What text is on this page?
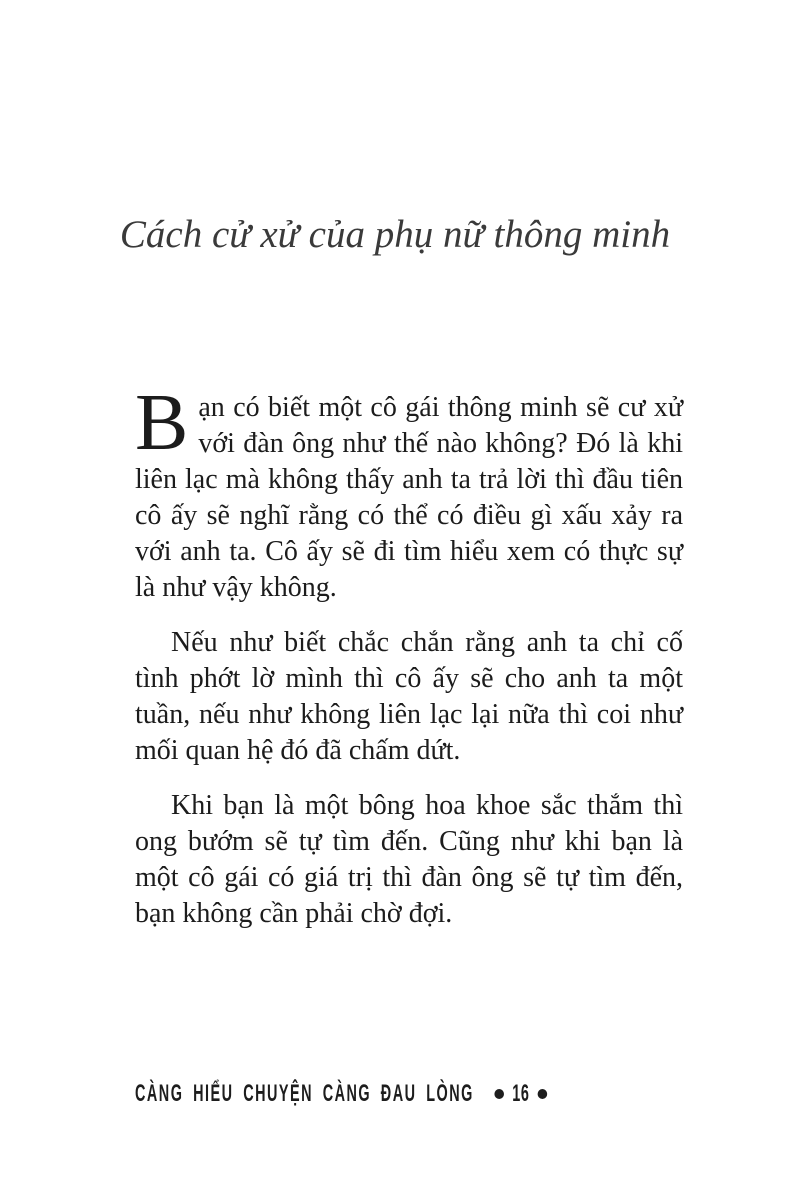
Cách cử xử của phụ nữ thông minh

Bạn có biết một cô gái thông minh sẽ cư xử với đàn ông như thế nào không? Đó là khi liên lạc mà không thấy anh ta trả lời thì đầu tiên cô ấy sẽ nghĩ rằng có thể có điều gì xấu xảy ra với anh ta. Cô ấy sẽ đi tìm hiểu xem có thực sự là như vậy không.

Nếu như biết chắc chắn rằng anh ta chỉ cố tình phớt lờ mình thì cô ấy sẽ cho anh ta một tuần, nếu như không liên lạc lại nữa thì coi như mối quan hệ đó đã chấm dứt.

Khi bạn là một bông hoa khoe sắc thắm thì ong bướm sẽ tự tìm đến. Cũng như khi bạn là một cô gái có giá trị thì đàn ông sẽ tự tìm đến, bạn không cần phải chờ đợi.

CÀNG HIỂU CHUYỆN CÀNG ĐAU LÒNG 16
